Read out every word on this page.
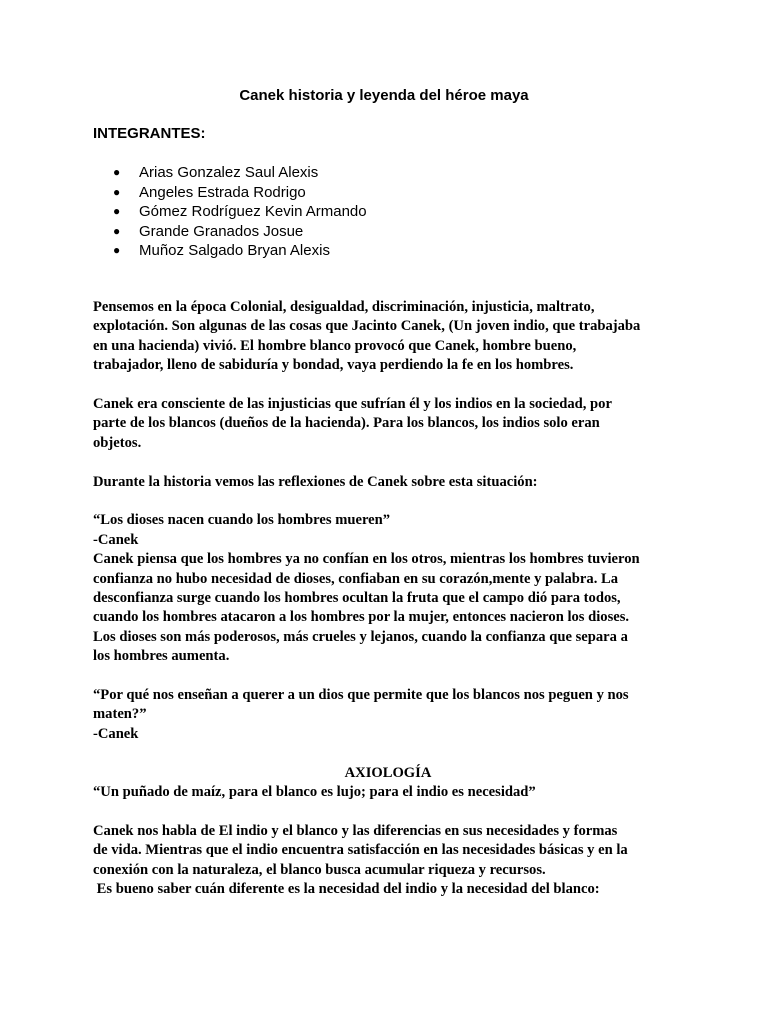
Canek historia y leyenda del héroe maya
INTEGRANTES:
● Arias Gonzalez Saul Alexis
● Angeles Estrada Rodrigo
● Gómez Rodríguez Kevin Armando
● Grande Granados Josue
● Muñoz Salgado Bryan Alexis

Pensemos en la época Colonial, desigualdad, discriminación, injusticia, maltrato,

explotación. Son algunas de las cosas que Jacinto Canek, (Un joven indio, que trabajaba

en una hacienda) vivió. El hombre blanco provocó que Canek, hombre bueno,

trabajador, lleno de sabiduría y bondad, vaya perdiendo la fe en los hombres.

Canek era consciente de las injusticias que sufrían él y los indios en la sociedad, por

parte de los blancos (dueños de la hacienda). Para los blancos, los indios solo eran

objetos.

Durante la historia vemos las reflexiones de Canek sobre esta situación:

“Los dioses nacen cuando los hombres mueren”

-Canek

Canek piensa que los hombres ya no confían en los otros, mientras los hombres tuvieron

confianza no hubo necesidad de dioses, confiaban en su corazón,mente y palabra. La

desconfianza surge cuando los hombres ocultan la fruta que el campo dió para todos,

cuando los hombres atacaron a los hombres por la mujer, entonces nacieron los dioses.

Los dioses son más poderosos, más crueles y lejanos, cuando la confianza que separa a

los hombres aumenta.

“Por qué nos enseñan a querer a un dios que permite que los blancos nos peguen y nos

maten?”

-Canek

AXIOLOGÍA

“Un puñado de maíz, para el blanco es lujo; para el indio es necesidad”

Canek nos habla de El indio y el blanco y las diferencias en sus necesidades y formas

de vida. Mientras que el indio encuentra satisfacción en las necesidades básicas y en la

conexión con la naturaleza, el blanco busca acumular riqueza y recursos.

Es bueno saber cuán diferente es la necesidad del indio y la necesidad del blanco:
